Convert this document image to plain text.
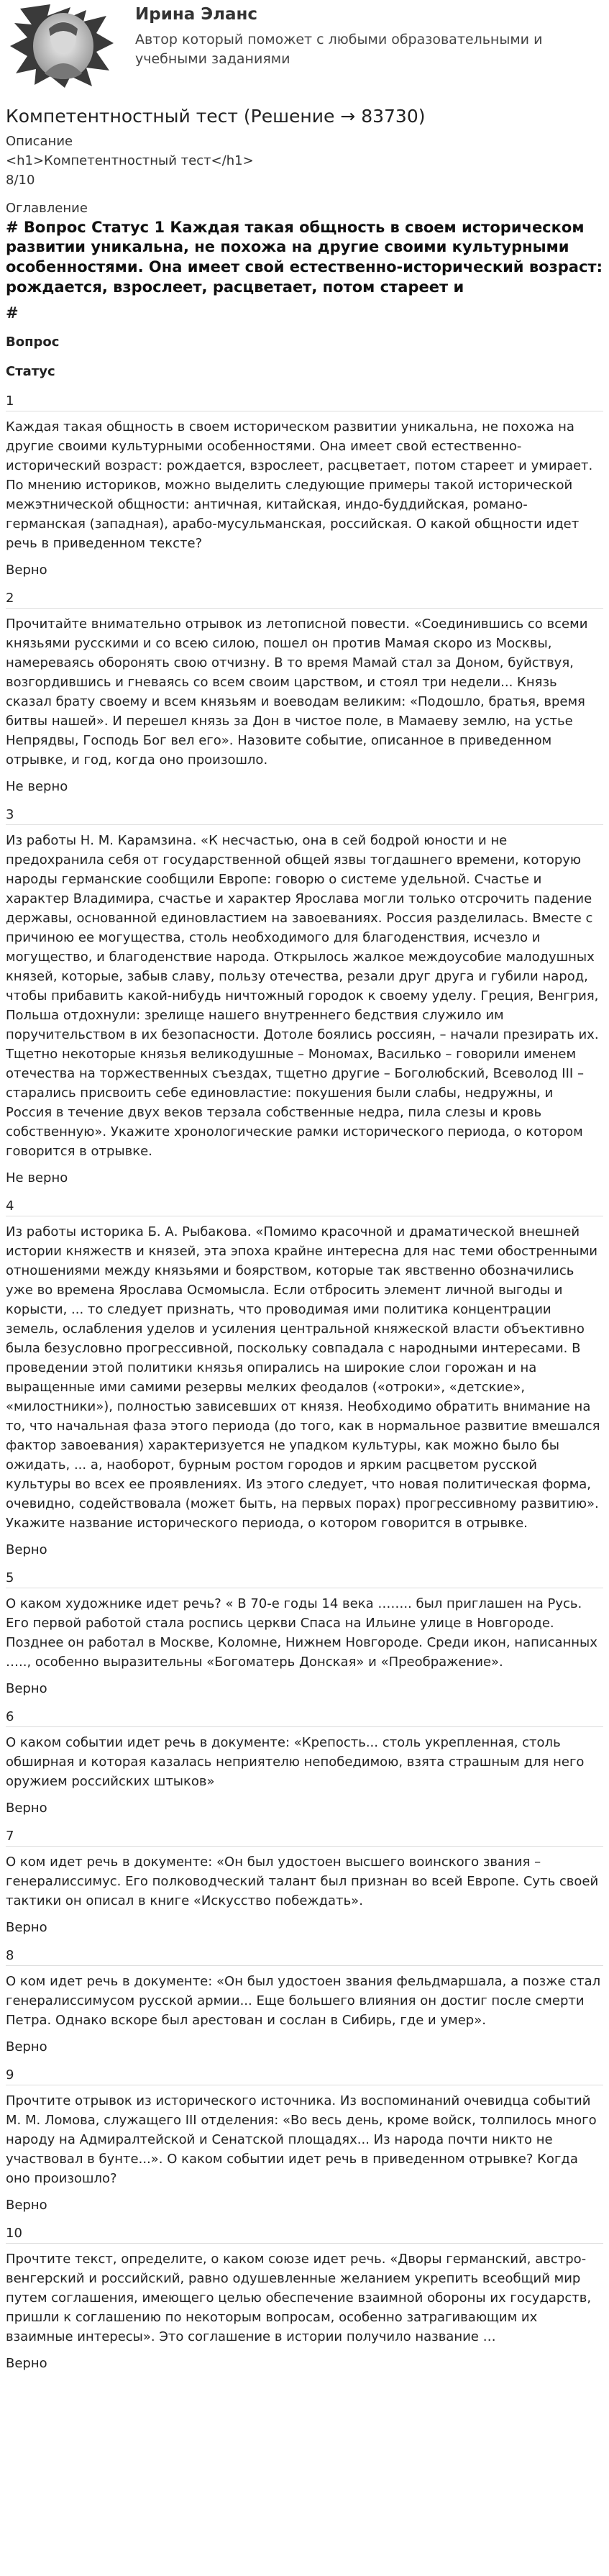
Ирина Эланс
Автор который поможет с любыми образовательными и учебными заданиями
Компетентностный тест (Решение → 83730)
Описание
<h1>Компетентностный тест</h1>
8/10
Оглавление
# Вопрос Статус 1 Каждая такая общность в своем историческом развитии уникальна, не похожа на другие своими культурными особенностями. Она имеет свой естественно-исторический возраст: рождается, взрослеет, расцветает, потом стареет и
#
Вопрос
Статус
1
Каждая такая общность в своем историческом развитии уникальна, не похожа на другие своими культурными особенностями. Она имеет свой естественно-исторический возраст: рождается, взрослеет, расцветает, потом стареет и умирает. По мнению историков, можно выделить следующие примеры такой исторической межэтнической общности: античная, китайская, индо-буддийская, романо-германская (западная), арабо-мусульманская, российская. О какой общности идет речь в приведенном тексте?
Верно
2
Прочитайте внимательно отрывок из летописной повести. «Соединившись со всеми князьями русскими и со всею силою, пошел он против Мамая скоро из Москвы, намереваясь оборонять свою отчизну. В то время Мамай стал за Доном, буйствуя, возгордившись и гневаясь со всем своим царством, и стоял три недели... Князь сказал брату своему и всем князьям и воеводам великим: «Подошло, братья, время битвы нашей». И перешел князь за Дон в чистое поле, в Мамаеву землю, на устье Непрядвы, Господь Бог вел его». Назовите событие, описанное в приведенном отрывке, и год, когда оно произошло.
Не верно
3
Из работы Н. М. Карамзина. «К несчастью, она в сей бодрой юности и не предохранила себя от государственной общей язвы тогдашнего времени, которую народы германские сообщили Европе: говорю о системе удельной. Счастье и характер Владимира, счастье и характер Ярослава могли только отсрочить падение державы, основанной единовластием на завоеваниях. Россия разделилась. Вместе с причиною ее могущества, столь необходимого для благоденствия, исчезло и могущество, и благоденствие народа. Открылось жалкое междоусобие малодушных князей, которые, забыв славу, пользу отечества, резали друг друга и губили народ, чтобы прибавить какой-нибудь ничтожный городок к своему уделу. Греция, Венгрия, Польша отдохнули: зрелище нашего внутреннего бедствия служило им поручительством в их безопасности. Дотоле боялись россиян, – начали презирать их. Тщетно некоторые князья великодушные – Мономах, Василько – говорили именем отечества на торжественных съездах, тщетно другие – Боголюбский, Всеволод III – старались присвоить себе единовластие: покушения были слабы, недружны, и Россия в течение двух веков терзала собственные недра, пила слезы и кровь собственную». Укажите хронологические рамки исторического периода, о котором говорится в отрывке.
Не верно
4
Из работы историка Б. А. Рыбакова. «Помимо красочной и драматической внешней истории княжеств и князей, эта эпоха крайне интересна для нас теми обостренными отношениями между князьями и боярством, которые так явственно обозначились уже во времена Ярослава Осмомысла. Если отбросить элемент личной выгоды и корысти, ... то следует признать, что проводимая ими политика концентрации земель, ослабления уделов и усиления центральной княжеской власти объективно была безусловно прогрессивной, поскольку совпадала с народными интересами. В проведении этой политики князья опирались на широкие слои горожан и на выращенные ими самими резервы мелких феодалов («отроки», «детские», «милостники»), полностью зависевших от князя. Необходимо обратить внимание на то, что начальная фаза этого периода (до того, как в нормальное развитие вмешался фактор завоевания) характеризуется не упадком культуры, как можно было бы ожидать, ... а, наоборот, бурным ростом городов и ярким расцветом русской культуры во всех ее проявлениях. Из этого следует, что новая политическая форма, очевидно, содействовала (может быть, на первых порах) прогрессивному развитию». Укажите название исторического периода, о котором говорится в отрывке.
Верно
5
О каком художнике идет речь? « В 70-е годы 14 века …….. был приглашен на Русь. Его первой работой стала роспись церкви Спаса на Ильине улице в Новгороде. Позднее он работал в Москве, Коломне, Нижнем Новгороде. Среди икон, написанных ….., особенно выразительны «Богоматерь Донская» и «Преображение».
Верно
6
О каком событии идет речь в документе: «Крепость... столь укрепленная, столь обширная и которая казалась неприятелю непобедимою, взята страшным для него оружием российских штыков»
Верно
7
О ком идет речь в документе: «Он был удостоен высшего воинского звания – генералиссимус. Его полководческий талант был признан во всей Европе. Суть своей тактики он описал в книге «Искусство побеждать».
Верно
8
О ком идет речь в документе: «Он был удостоен звания фельдмаршала, а позже стал генералиссимусом русской армии... Еще большего влияния он достиг после смерти Петра. Однако вскоре был арестован и сослан в Сибирь, где и умер».
Верно
9
Прочтите отрывок из исторического источника. Из воспоминаний очевидца событий М. М. Ломова, служащего III отделения: «Во весь день, кроме войск, толпилось много народу на Адмиралтейской и Сенатской площадях... Из народа почти никто не участвовал в бунте...». О каком событии идет речь в приведенном отрывке? Когда оно произошло?
Верно
10
Прочтите текст, определите, о каком союзе идет речь. «Дворы германский, австро-венгерский и российский, равно одушевленные желанием укрепить всеобщий мир путем соглашения, имеющего целью обеспечение взаимной обороны их государств, пришли к соглашению по некоторым вопросам, особенно затрагивающим их взаимные интересы». Это соглашение в истории получило название …
Верно
